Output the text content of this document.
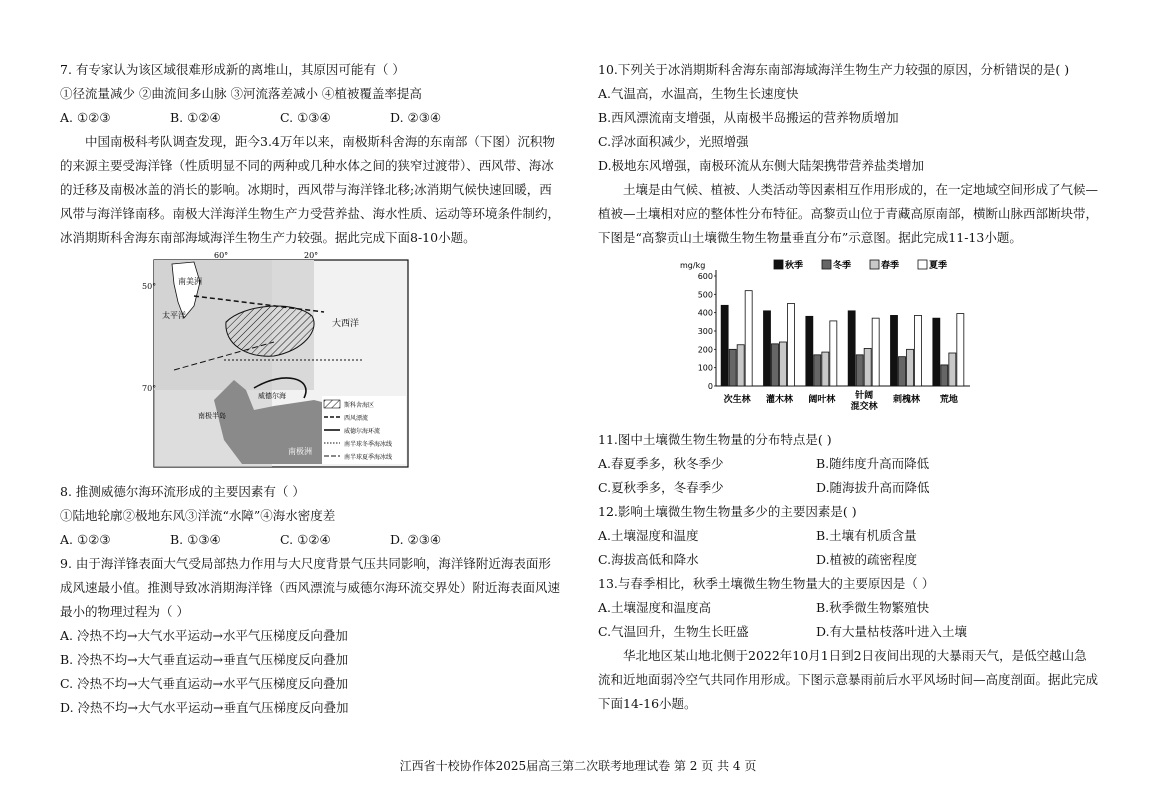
7. 有专家认为该区域很难形成新的离堆山，其原因可能有（ ）
①径流量减少 ②曲流间多山脉 ③河流落差减小 ④植被覆盖率提高
A. ①②③	B. ①②④	C. ①③④	D. ②③④
中国南极科考队调查发现，距今3.4万年以来，南极斯科舍海的东南部（下图）沉积物
的来源主要受海洋锋（性质明显不同的两种或几种水体之间的狭窄过渡带）、西风带、海冰
的迁移及南极冰盖的消长的影响。冰期时，西风带与海洋锋北移;冰消期气候快速回暖，西
风带与海洋锋南移。南极大洋海洋生物生产力受营养盐、海水性质、运动等环境条件制约，
冰消期斯科舍海东南部海域海洋生物生产力较强。据此完成下面8-10小题。
南美洲
太平洋
大西洋
南极洲
南极半岛
威德尔海
60°	20°
斯科舍海区
西风漂流
威德尔海环流
南半球冬季海冰线
南半球夏季海冰线
50°
70°
8. 推测威德尔海环流形成的主要因素有（ ）
①陆地轮廓②极地东风③洋流“水障”④海水密度差
A. ①②③	B. ①③④	C. ①②④	D. ②③④
9. 由于海洋锋表面大气受局部热力作用与大尺度背景气压共同影响，海洋锋附近海表面形
成风速最小值。推测导致冰消期海洋锋（西风漂流与威德尔海环流交界处）附近海表面风速
最小的物理过程为（ ）
A. 冷热不均→大气水平运动→水平气压梯度反向叠加
B. 冷热不均→大气垂直运动→垂直气压梯度反向叠加
C. 冷热不均→大气垂直运动→水平气压梯度反向叠加
D. 冷热不均→大气水平运动→垂直气压梯度反向叠加
10.下列关于冰消期斯科舍海东南部海域海洋生物生产力较强的原因，分析错误的是( )
A.气温高，水温高，生物生长速度快
B.西风漂流南支增强，从南极半岛搬运的营养物质增加
C.浮冰面积减少，光照增强
D.极地东风增强，南极环流从东侧大陆架携带营养盐类增加
土壤是由气候、植被、人类活动等因素相互作用形成的，在一定地域空间形成了气候—
植被—土壤相对应的整体性分布特征。高黎贡山位于青藏高原南部，横断山脉西部断块带，
下图是“高黎贡山土壤微生物生物量垂直分布”示意图。据此完成11-13小题。
mg/kg
0
100
200
300
400
500
600
秋季	冬季	春季	夏季
次生林 灌木林 阔叶林 针阔
混交林
刺槐林 荒地
11.图中土壤微生物生物量的分布特点是( )
A.春夏季多，秋冬季少	B.随纬度升高而降低
C.夏秋季多，冬春季少	D.随海拔升高而降低
12.影响土壤微生物生物量多少的主要因素是( )
A.土壤湿度和温度	B.土壤有机质含量
C.海拔高低和降水	D.植被的疏密程度
13.与春季相比，秋季土壤微生物生物量大的主要原因是（ ）
A.土壤湿度和温度高	B.秋季微生物繁殖快
C.气温回升，生物生长旺盛	D.有大量枯枝落叶进入土壤
华北地区某山地北侧于2022年10月1日到2日夜间出现的大暴雨天气，是低空越山急
流和近地面弱冷空气共同作用形成。下图示意暴雨前后水平风场时间—高度剖面。据此完成
下面14-16小题。
江西省十校协作体2025届高三第二次联考地理试卷 第 2 页 共 4 页
